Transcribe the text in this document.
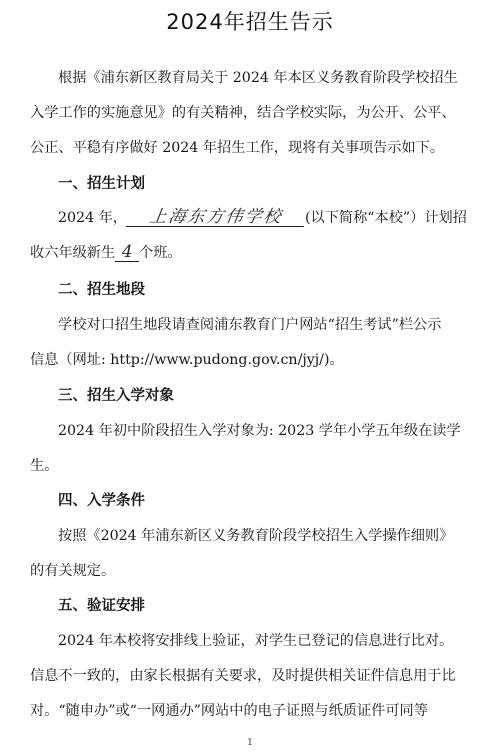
2024年招生告示
根据《浦东新区教育局关于 2024 年本区义务教育阶段学校招生
入学工作的实施意见》的有关精神，结合学校实际，为公开、公平、
公正、平稳有序做好 2024 年招生工作，现将有关事项告示如下。
一、招生计划
2024 年， 上海东方伟学校 (以下简称“本校”）计划招
收六年级新生 4 个班。
二、招生地段
学校对口招生地段请查阅浦东教育门户网站“招生考试”栏公示
信息（网址: http://www.pudong.gov.cn/jyj/)。
三、招生入学对象
2024 年初中阶段招生入学对象为: 2023 学年小学五年级在读学
生。
四、入学条件
按照《2024 年浦东新区义务教育阶段学校招生入学操作细则》
的有关规定。
五、验证安排
2024 年本校将安排线上验证，对学生已登记的信息进行比对。
信息不一致的，由家长根据有关要求，及时提供相关证件信息用于比
对。“随申办”或“一网通办”网站中的电子证照与纸质证件可同等
1
